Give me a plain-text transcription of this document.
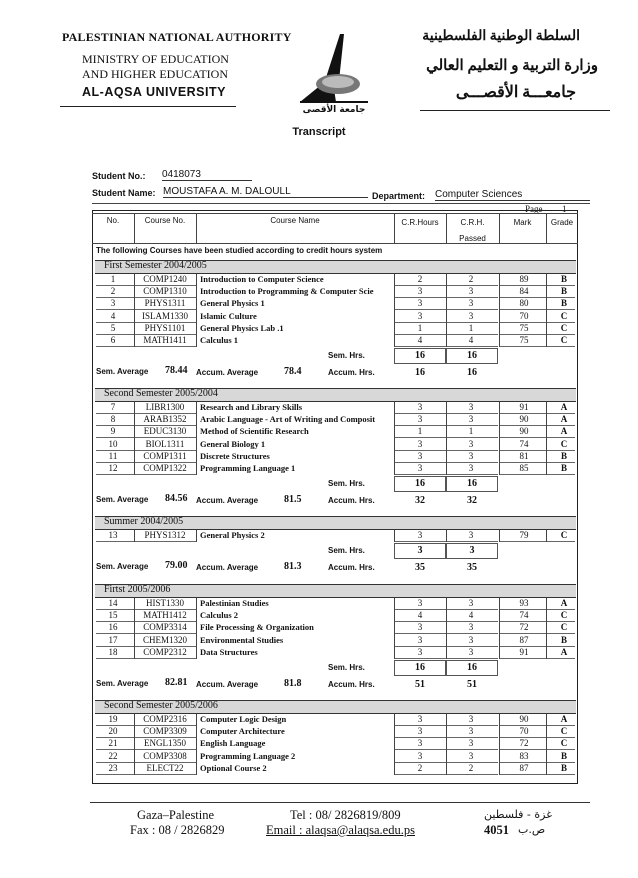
PALESTINIAN NATIONAL AUTHORITY
MINISTRY OF EDUCATION
AND HIGHER EDUCATION
AL-AQSA UNIVERSITY
السلطة الوطنية الفلسطينية
وزارة التربية و التعليم العالي
جامعـــة الأقصـــى
جامعة الأقصى
Transcript
Student No.: 0418073
Student Name: MOUSTAFA A. M. DALOULL	Department: Computer Sciences
Page 1
No.	Course No.	Course Name	C.R.Hours	C.R.H.
Passed
Mark	Grade
The following Courses have been studied according to credit hours system
First Semester 2004/2005
1	COMP1240	Introduction to Computer Science	2	2	89	B
2	COMP1310	Introduction to Programming & Computer Scie	3	3	84	B
3	PHYS1311	General Physics 1	3	3	80	B
4	ISLAM1330	Islamic Culture	3	3	70	C
5	PHYS1101	General Physics Lab .1	1	1	75	C
6	MATH1411	Calculus 1	4	4	75	C
Sem. Hrs.	16	16
Sem. Average 78.44 Accum. Average	78.4	Accum. Hrs.	16	16
Second Semester 2005/2004
7	LIBR1300	Research and Library Skills	3	3	91	A
8	ARAB1352	Arabic Language - Art of Writing and Composit	3	3	90	A
9	EDUC3130	Method of Scientific Research	1	1	90	A
10	BIOL1311	General Biology 1	3	3	74	C
11	COMP1311	Discrete Structures	3	3	81	B
12	COMP1322	Programming Language 1	3	3	85	B
Sem. Hrs.	16	16
Sem. Average 84.56 Accum. Average	81.5	Accum. Hrs.	32	32
Summer 2004/2005
13	PHYS1312	General Physics 2	3	3	79	C
Sem. Hrs.	3	3
Sem. Average 79.00 Accum. Average	81.3	Accum. Hrs.	35	35
Firtst 2005/2006
14	HIST1330	Palestinian Studies	3	3	93	A
15	MATH1412	Calculus 2	4	4	74	C
16	COMP3314	File Processing & Organization	3	3	72	C
17	CHEM1320	Environmental Studies	3	3	87	B
18	COMP2312	Data Structures	3	3	91	A
Sem. Hrs.	16	16
Sem. Average 82.81 Accum. Average	81.8	Accum. Hrs.	51	51
Second Semester 2005/2006
19	COMP2316	Computer Logic Design	3	3	90	A
20	COMP3309	Computer Architecture	3	3	70	C
21	ENGL1350	English Language	3	3	72	C
22	COMP3308	Programming Language 2	3	3	83	B
23	ELECT22	Optional Course 2	2	2	87	B
Gaza–Palestine
Fax : 08 / 2826829
Tel : 08/ 2826819/809
Email : alaqsa@alaqsa.edu.ps
غزة - فلسطين
4051 ص.ب
